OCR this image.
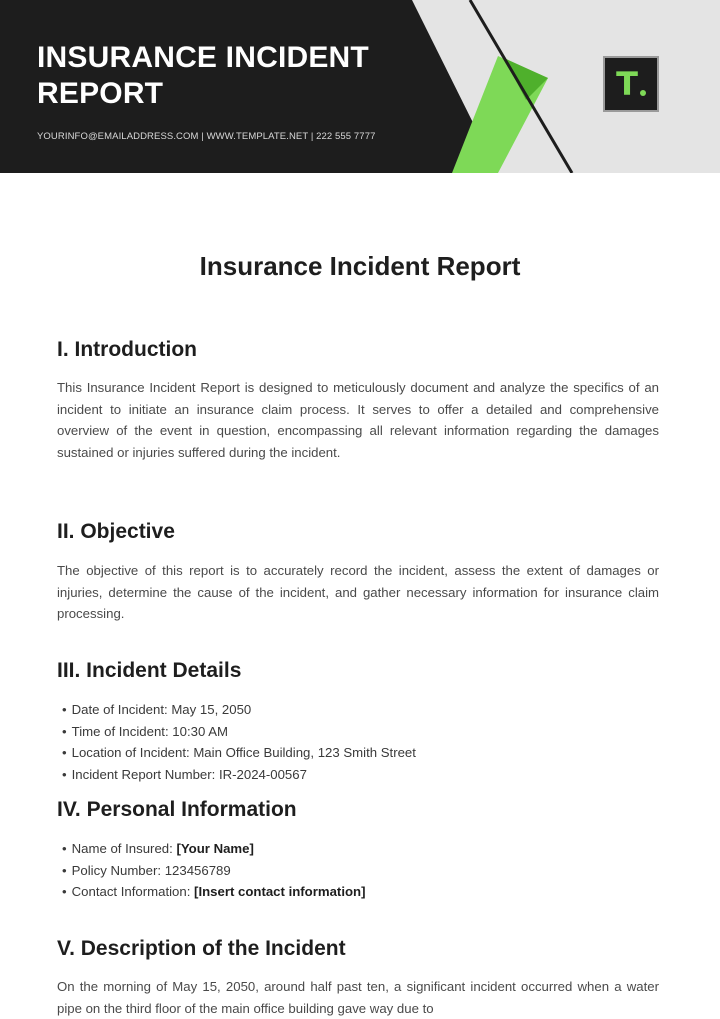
INSURANCE INCIDENT REPORT
YOURINFO@EMAILADDRESS.COM | WWW.TEMPLATE.NET | 222 555 7777
T
Insurance Incident Report
I. Introduction
This Insurance Incident Report is designed to meticulously document and analyze the specifics of an incident to initiate an insurance claim process. It serves to offer a detailed and comprehensive overview of the event in question, encompassing all relevant information regarding the damages sustained or injuries suffered during the incident.
II. Objective
The objective of this report is to accurately record the incident, assess the extent of damages or injuries, determine the cause of the incident, and gather necessary information for insurance claim processing.
III. Incident Details
• Date of Incident: May 15, 2050
• Time of Incident: 10:30 AM
• Location of Incident: Main Office Building, 123 Smith Street
• Incident Report Number: IR-2024-00567
IV. Personal Information
• Name of Insured: [Your Name]
• Policy Number: 123456789
• Contact Information: [Insert contact information]
V. Description of the Incident
On the morning of May 15, 2050, around half past ten, a significant incident occurred when a water pipe on the third floor of the main office building gave way due to
